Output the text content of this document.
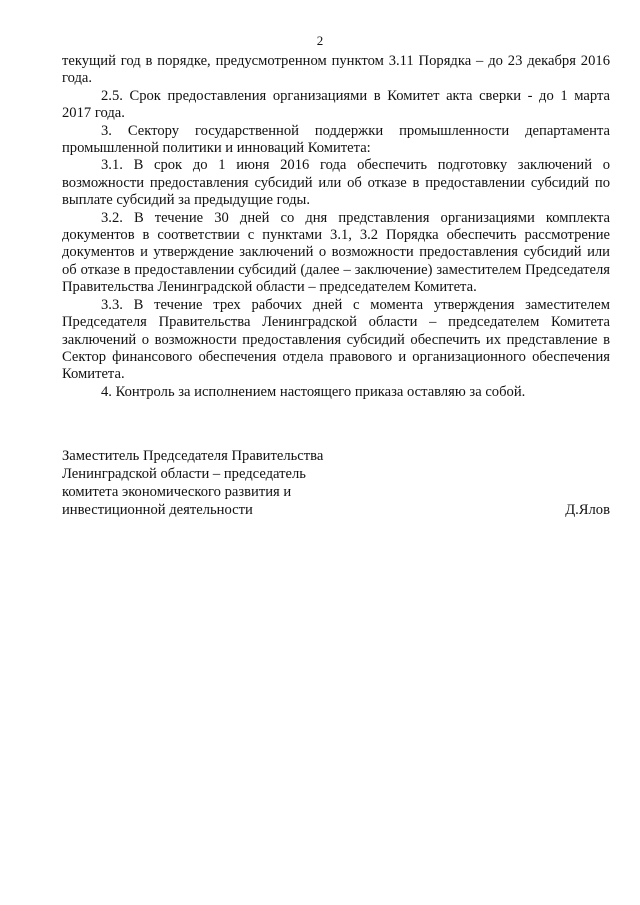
2

текущий год в порядке, предусмотренном пунктом 3.11 Порядка – до 23 декабря 2016 года.

2.5. Срок предоставления организациями в Комитет акта сверки - до 1 марта 2017 года.

3. Сектору государственной поддержки промышленности департамента промышленной политики и инноваций Комитета:

3.1. В срок до 1 июня 2016 года обеспечить подготовку заключений о возможности предоставления субсидий или об отказе в предоставлении субсидий по выплате субсидий за предыдущие годы.

3.2. В течение 30 дней со дня представления организациями комплекта документов в соответствии с пунктами 3.1, 3.2 Порядка обеспечить рассмотрение документов и утверждение заключений о возможности предоставления субсидий или об отказе в предоставлении субсидий (далее – заключение) заместителем Председателя Правительства Ленинградской области – председателем Комитета.

3.3. В течение трех рабочих дней с момента утверждения заместителем Председателя Правительства Ленинградской области – председателем Комитета заключений о возможности предоставления субсидий обеспечить их представление в Сектор финансового обеспечения отдела правового и организационного обеспечения Комитета.

4. Контроль за исполнением настоящего приказа оставляю за собой.

Заместитель Председателя Правительства
Ленинградской области – председатель
комитета экономического развития и
инвестиционной деятельности	Д.Ялов
